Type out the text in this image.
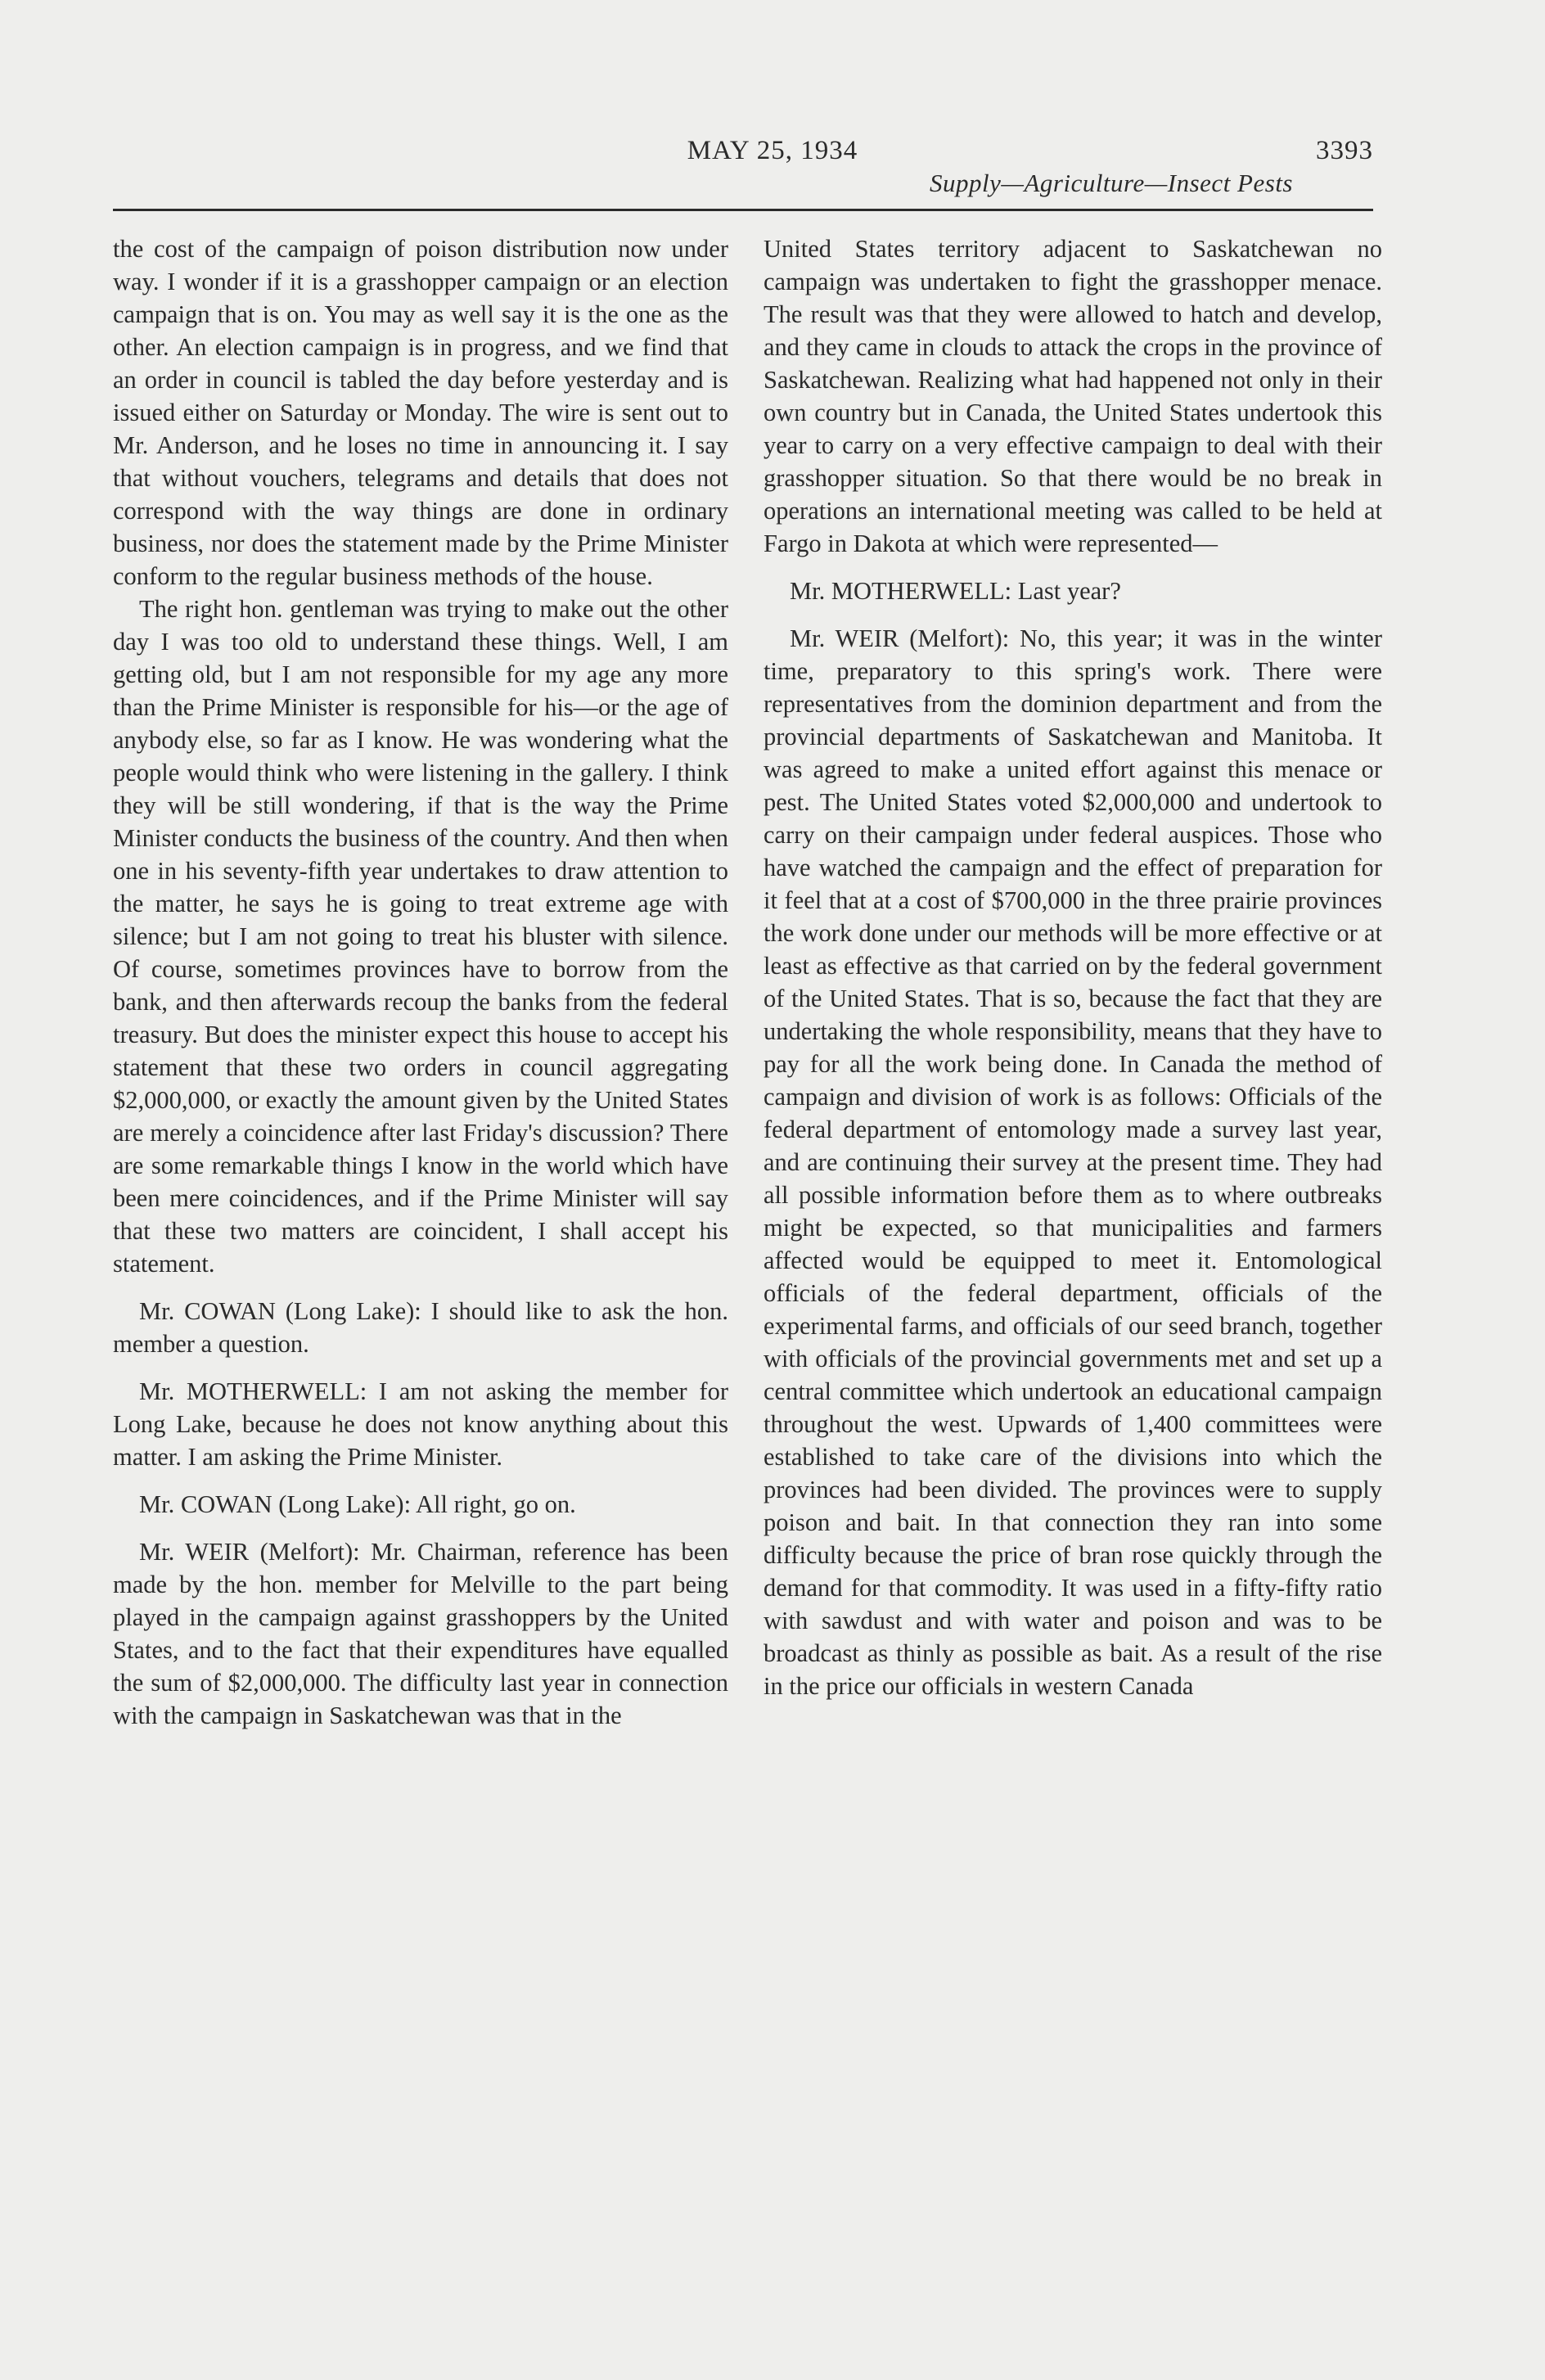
MAY 25, 1934	3393
Supply—Agriculture—Insect Pests

the cost of the campaign of poison distribution now under way. I wonder if it is a grasshopper campaign or an election campaign that is on. You may as well say it is the one as the other. An election campaign is in progress, and we find that an order in council is tabled the day before yesterday and is issued either on Saturday or Monday. The wire is sent out to Mr. Anderson, and he loses no time in announcing it. I say that without vouchers, telegrams and details that does not correspond with the way things are done in ordinary business, nor does the statement made by the Prime Minister conform to the regular business methods of the house.

The right hon. gentleman was trying to make out the other day I was too old to understand these things. Well, I am getting old, but I am not responsible for my age any more than the Prime Minister is responsible for his—or the age of anybody else, so far as I know. He was wondering what the people would think who were listening in the gallery. I think they will be still wondering, if that is the way the Prime Minister conducts the business of the country. And then when one in his seventy-fifth year undertakes to draw attention to the matter, he says he is going to treat extreme age with silence; but I am not going to treat his bluster with silence. Of course, sometimes provinces have to borrow from the bank, and then afterwards recoup the banks from the federal treasury. But does the minister expect this house to accept his statement that these two orders in council aggregating $2,000,000, or exactly the amount given by the United States are merely a coincidence after last Friday's discussion? There are some remarkable things I know in the world which have been mere coincidences, and if the Prime Minister will say that these two matters are coincident, I shall accept his statement.

Mr. COWAN (Long Lake): I should like to ask the hon. member a question.

Mr. MOTHERWELL: I am not asking the member for Long Lake, because he does not know anything about this matter. I am asking the Prime Minister.

Mr. COWAN (Long Lake): All right, go on.

Mr. WEIR (Melfort): Mr. Chairman, reference has been made by the hon. member for Melville to the part being played in the campaign against grasshoppers by the United States, and to the fact that their expenditures have equalled the sum of $2,000,000. The difficulty last year in connection with the campaign in Saskatchewan was that in the

United States territory adjacent to Saskatchewan no campaign was undertaken to fight the grasshopper menace. The result was that they were allowed to hatch and develop, and they came in clouds to attack the crops in the province of Saskatchewan. Realizing what had happened not only in their own country but in Canada, the United States undertook this year to carry on a very effective campaign to deal with their grasshopper situation. So that there would be no break in operations an international meeting was called to be held at Fargo in Dakota at which were represented—

Mr. MOTHERWELL: Last year?

Mr. WEIR (Melfort): No, this year; it was in the winter time, preparatory to this spring's work. There were representatives from the dominion department and from the provincial departments of Saskatchewan and Manitoba. It was agreed to make a united effort against this menace or pest. The United States voted $2,000,000 and undertook to carry on their campaign under federal auspices. Those who have watched the campaign and the effect of preparation for it feel that at a cost of $700,000 in the three prairie provinces the work done under our methods will be more effective or at least as effective as that carried on by the federal government of the United States. That is so, because the fact that they are undertaking the whole responsibility, means that they have to pay for all the work being done. In Canada the method of campaign and division of work is as follows: Officials of the federal department of entomology made a survey last year, and are continuing their survey at the present time. They had all possible information before them as to where outbreaks might be expected, so that municipalities and farmers affected would be equipped to meet it. Entomological officials of the federal department, officials of the experimental farms, and officials of our seed branch, together with officials of the provincial governments met and set up a central committee which undertook an educational campaign throughout the west. Upwards of 1,400 committees were established to take care of the divisions into which the provinces had been divided. The provinces were to supply poison and bait. In that connection they ran into some difficulty because the price of bran rose quickly through the demand for that commodity. It was used in a fifty-fifty ratio with sawdust and with water and poison and was to be broadcast as thinly as possible as bait. As a result of the rise in the price our officials in western Canada
